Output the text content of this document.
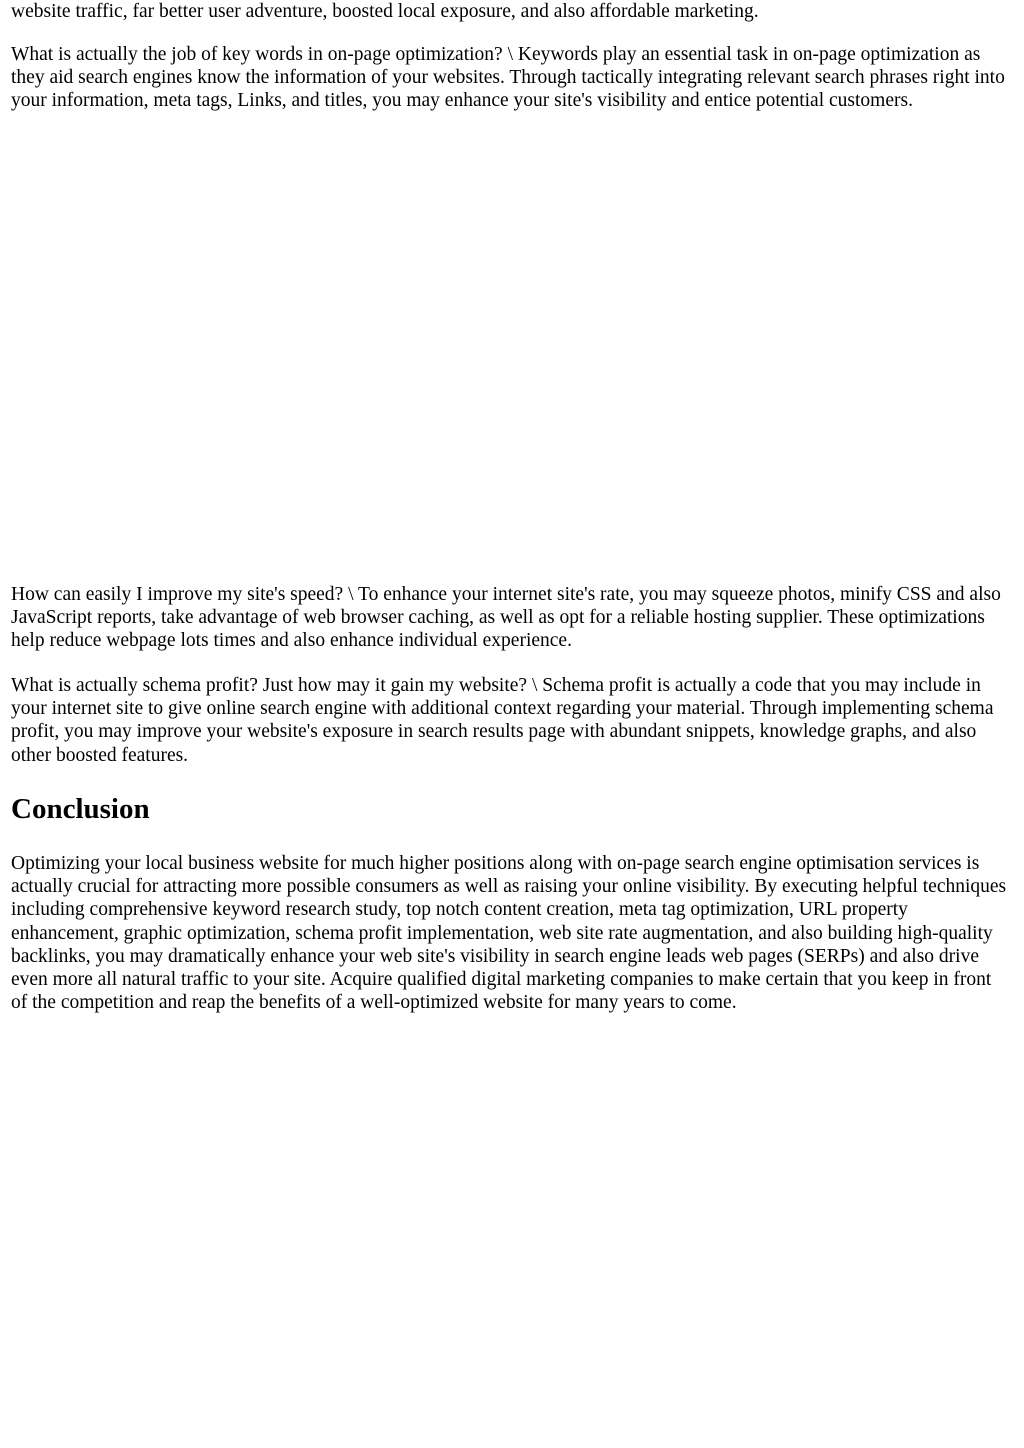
website traffic, far better user adventure, boosted local exposure, and also affordable marketing.

What is actually the job of key words in on-page optimization? \ Keywords play an essential task in on-page optimization as they aid search engines know the information of your websites. Through tactically integrating relevant search phrases right into your information, meta tags, Links, and titles, you may enhance your site's visibility and entice potential customers.

How can easily I improve my site's speed? \ To enhance your internet site's rate, you may squeeze photos, minify CSS and also JavaScript reports, take advantage of web browser caching, as well as opt for a reliable hosting supplier. These optimizations help reduce webpage lots times and also enhance individual experience.

What is actually schema profit? Just how may it gain my website? \ Schema profit is actually a code that you may include in your internet site to give online search engine with additional context regarding your material. Through implementing schema profit, you may improve your website's exposure in search results page with abundant snippets, knowledge graphs, and also other boosted features.

Conclusion

Optimizing your local business website for much higher positions along with on-page search engine optimisation services is actually crucial for attracting more possible consumers as well as raising your online visibility. By executing helpful techniques including comprehensive keyword research study, top notch content creation, meta tag optimization, URL property enhancement, graphic optimization, schema profit implementation, web site rate augmentation, and also building high-quality backlinks, you may dramatically enhance your web site's visibility in search engine leads web pages (SERPs) and also drive even more all natural traffic to your site. Acquire qualified digital marketing companies to make certain that you keep in front of the competition and reap the benefits of a well-optimized website for many years to come.
